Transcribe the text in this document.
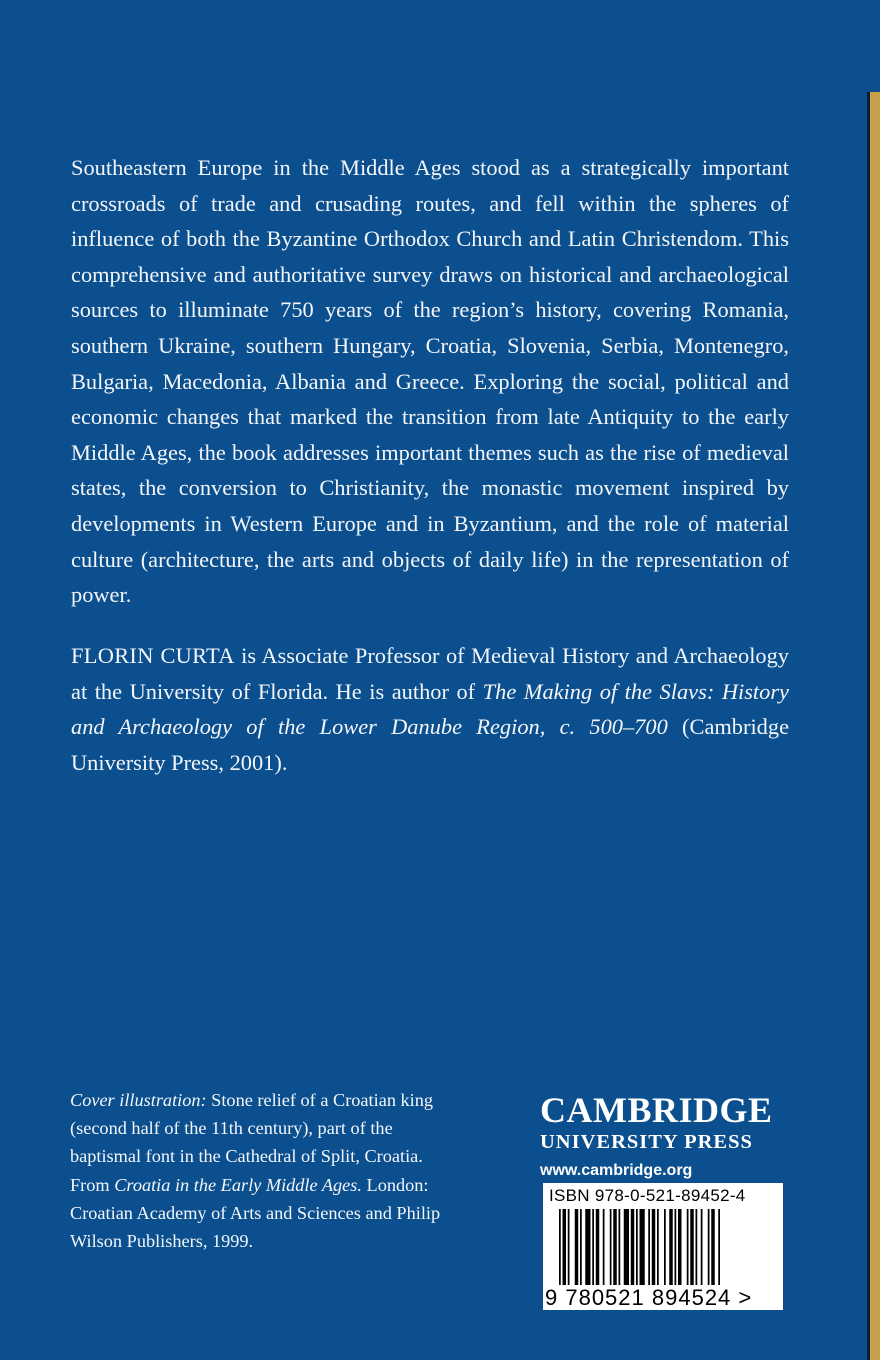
Southeastern Europe in the Middle Ages stood as a strategically important crossroads of trade and crusading routes, and fell within the spheres of influence of both the Byzantine Orthodox Church and Latin Christendom. This comprehensive and authoritative survey draws on historical and archaeological sources to illuminate 750 years of the region’s history, covering Romania, southern Ukraine, southern Hungary, Croatia, Slovenia, Serbia, Montenegro, Bulgaria, Macedonia, Albania and Greece. Exploring the social, political and economic changes that marked the transition from late Antiquity to the early Middle Ages, the book addresses important themes such as the rise of medieval states, the conversion to Christianity, the monastic movement inspired by developments in Western Europe and in Byzantium, and the role of material culture (architecture, the arts and objects of daily life) in the representation of power.

FLORIN CURTA is Associate Professor of Medieval History and Archaeology at the University of Florida. He is author of The Making of the Slavs: History and Archaeology of the Lower Danube Region, c. 500–700 (Cambridge University Press, 2001).

Cover illustration: Stone relief of a Croatian king (second half of the 11th century), part of the baptismal font in the Cathedral of Split, Croatia. From Croatia in the Early Middle Ages. London: Croatian Academy of Arts and Sciences and Philip Wilson Publishers, 1999.

CAMBRIDGE
UNIVERSITY PRESS
www.cambridge.org
ISBN 978-0-521-89452-4
9 780521 894524 >
